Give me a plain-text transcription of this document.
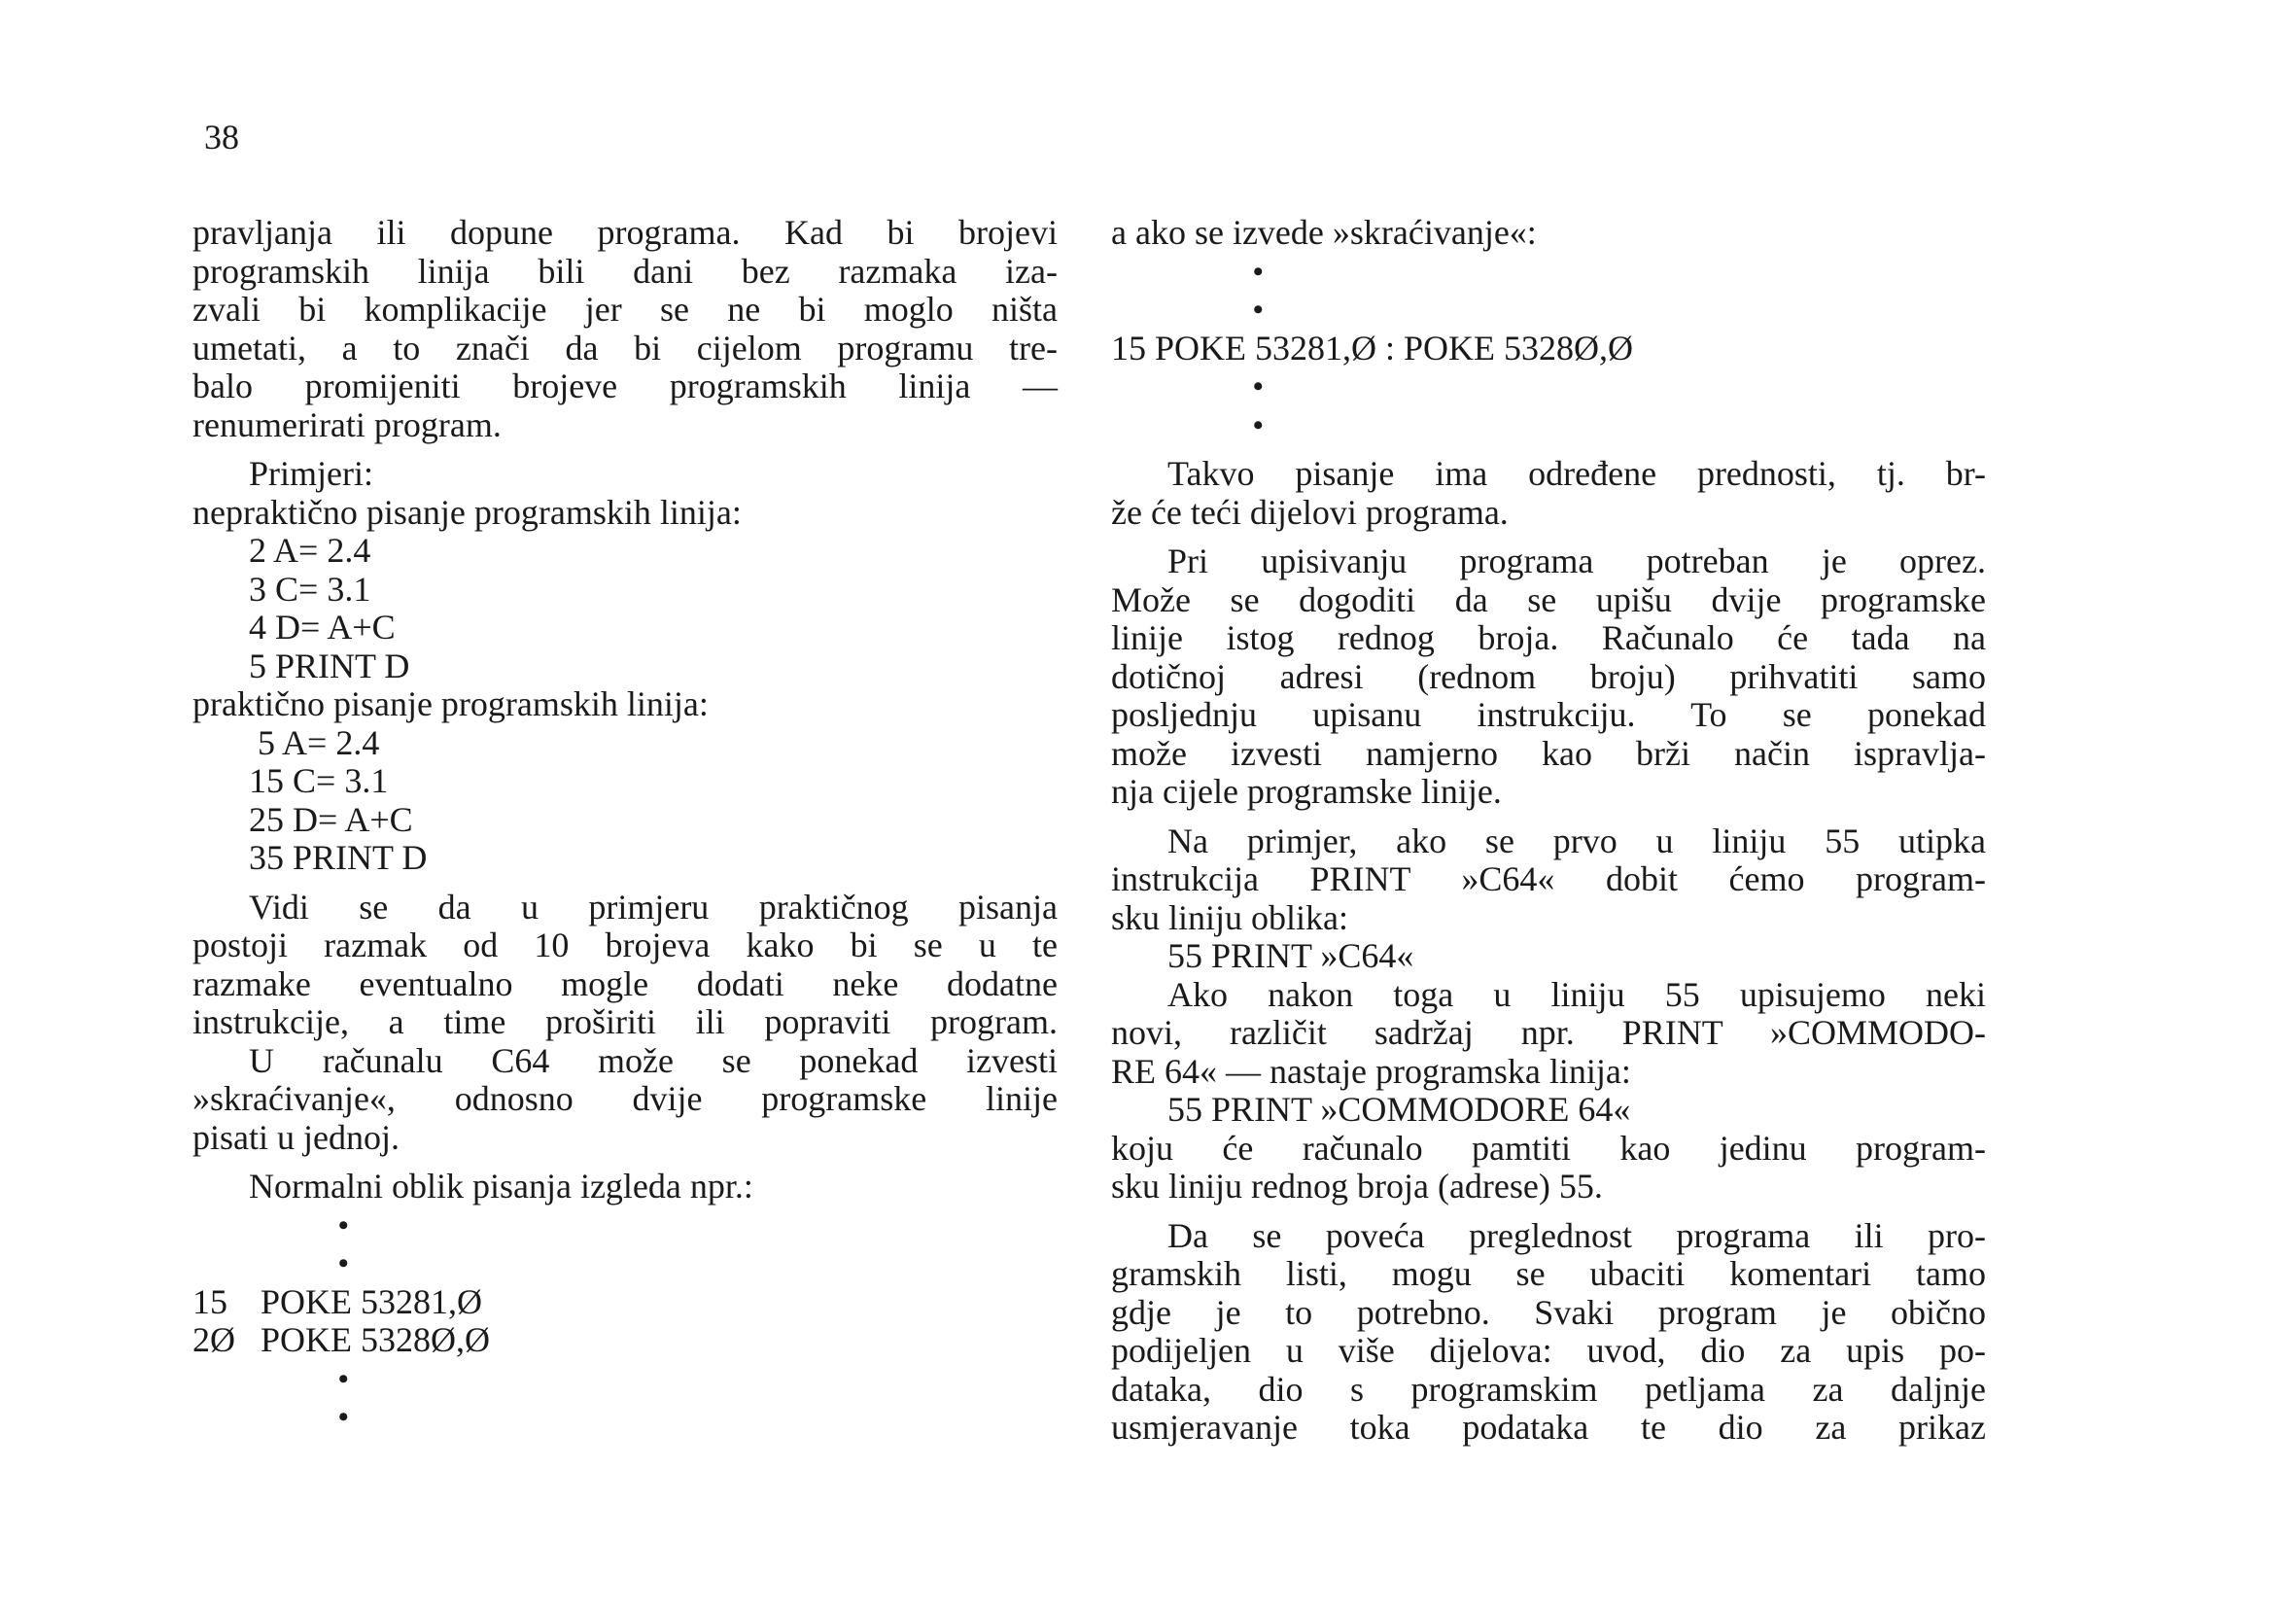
38
pravljanja ili dopune programa. Kad bi brojevi
programskih linija bili dani bez razmaka iza-
zvali bi komplikacije jer se ne bi moglo ništa
umetati, a to znači da bi cijelom programu tre-
balo promijeniti brojeve programskih linija —
renumerirati program.
Primjeri:
nepraktično pisanje programskih linija:
2 A= 2.4
3 C= 3.1
4 D= A+C
5 PRINT D
praktično pisanje programskih linija:
5 A= 2.4
15 C= 3.1
25 D= A+C
35 PRINT D
Vidi se da u primjeru praktičnog pisanja
postoji razmak od 10 brojeva kako bi se u te
razmake eventualno mogle dodati neke dodatne
instrukcije, a time proširiti ili popraviti program.
U računalu C64 može se ponekad izvesti
»skraćivanje«, odnosno dvije programske linije
pisati u jednoj.
Normalni oblik pisanja izgleda npr.:
•
•
15 POKE 53281,Ø
2Ø POKE 5328Ø,Ø
•
•
a ako se izvede »skraćivanje«:
•
•
15 POKE 53281,Ø : POKE 5328Ø,Ø
•
•
Takvo pisanje ima određene prednosti, tj. br-
že će teći dijelovi programa.
Pri upisivanju programa potreban je oprez.
Može se dogoditi da se upišu dvije programske
linije istog rednog broja. Računalo će tada na
dotičnoj adresi (rednom broju) prihvatiti samo
posljednju upisanu instrukciju. To se ponekad
može izvesti namjerno kao brži način ispravlja-
nja cijele programske linije.
Na primjer, ako se prvo u liniju 55 utipka
instrukcija PRINT »C64« dobit ćemo program-
sku liniju oblika:
55 PRINT »C64«
Ako nakon toga u liniju 55 upisujemo neki
novi, različit sadržaj npr. PRINT »COMMODO-
RE 64« — nastaje programska linija:
55 PRINT »COMMODORE 64«
koju će računalo pamtiti kao jedinu program-
sku liniju rednog broja (adrese) 55.
Da se poveća preglednost programa ili pro-
gramskih listi, mogu se ubaciti komentari tamo
gdje je to potrebno. Svaki program je obično
podijeljen u više dijelova: uvod, dio za upis po-
dataka, dio s programskim petljama za daljnje
usmjeravanje toka podataka te dio za prikaz
